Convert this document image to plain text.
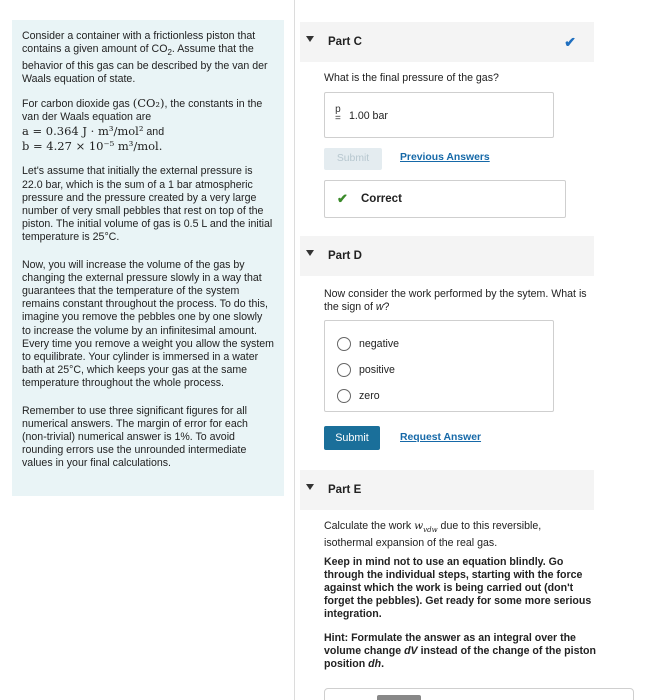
Consider a container with a frictionless piston that contains a given amount of $CO_2$. Assume that the behavior of this gas can be described by the van der Waals equation of state.

For carbon dioxide gas (CO₂), the constants in the van der Waals equation are
a = 0.364 J · m³/mol² and
b = 4.27 × 10⁻⁵ m³/mol.

Let's assume that initially the external pressure is 22.0 bar, which is the sum of a 1 bar atmospheric pressure and the pressure created by a very large number of very small pebbles that rest on top of the piston. The initial volume of gas is 0.5 L and the initial temperature is 25°C.

Now, you will increase the volume of the gas by changing the external pressure slowly in a way that guarantees that the temperature of the system remains constant throughout the process. To do this, imagine you remove the pebbles one by one slowly to increase the volume by an infinitesimal amount. Every time you remove a weight you allow the system to equilibrate. Your cylinder is immersed in a water bath at 25°C, which keeps your gas at the same temperature throughout the whole process.

Remember to use three significant figures for all numerical answers. The margin of error for each (non-trivial) numerical answer is 1%. To avoid rounding errors use the unrounded intermediate values in your final calculations.

Part C	✔
What is the final pressure of the gas?
p
= 1.00 bar
Submit	Previous Answers
✔ Correct
Part D
Now consider the work performed by the sytem. What is the sign of w?
negative
positive
zero
Submit	Request Answer
Part E
Calculate the work $w_{vdw}$ due to this reversible, isothermal expansion of the real gas.
Keep in mind not to use an equation blindly. Go through the individual steps, starting with the force against which the work is being carried out (don't forget the pebbles). Get ready for some more serious integration.
Hint: Formulate the answer as an integral over the volume change dV instead of the change of the piston position dh.
